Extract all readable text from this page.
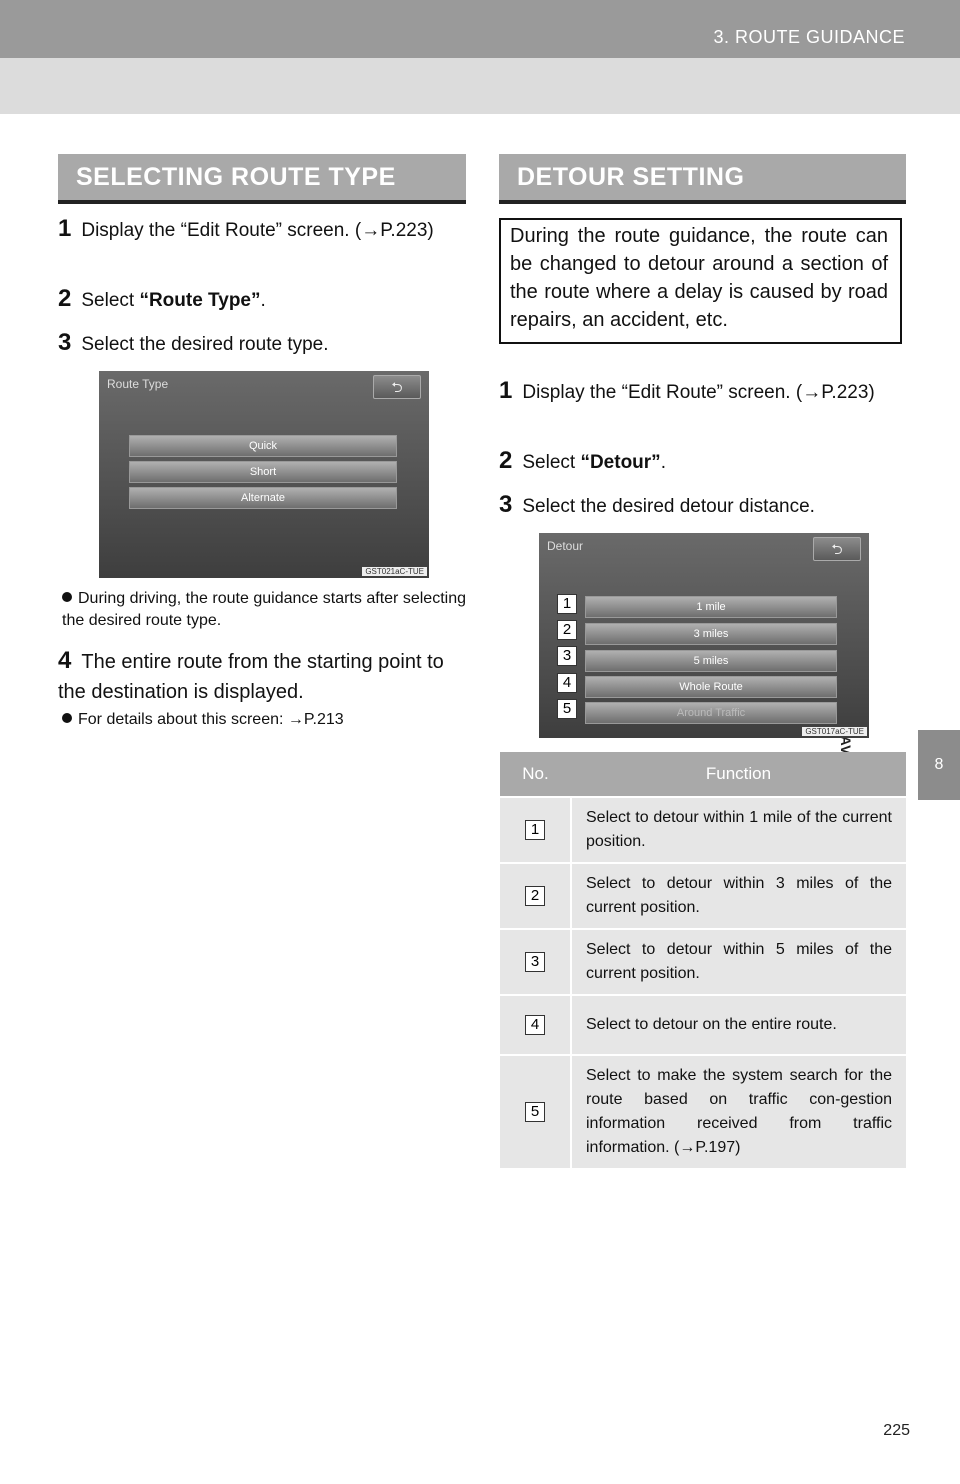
3. ROUTE GUIDANCE
8
SELECTING ROUTE TYPE
1 Display the “Edit Route” screen. (→P.223)
2 Select “Route Type”.
3 Select the desired route type.
Route Type	⮌
Quick
Short
Alternate
GST021aC-TUE
During driving, the route guidance starts after selecting the desired route type.
4 The entire route from the starting point to the destination is displayed.
For details about this screen: →P.213
DETOUR SETTING
During the route guidance, the route can be changed to detour around a section of the route where a delay is caused by road repairs, an accident, etc.
1 Display the “Edit Route” screen. (→P.223)
2 Select “Detour”.
3 Select the desired detour distance.
Detour	⮌
1 mile
3 miles
5 miles
Whole Route
Around Traffic
GST017aC-TUE
1
2
3
4
5
No.	Function
1	Select to detour within 1 mile of the current position.
2	Select to detour within 3 miles of the current position.
3	Select to detour within 5 miles of the current position.
4	Select to detour on the entire route.
5	Select to make the system search for the route based on traffic con-gestion information received from traffic information. (→P.197)
225
